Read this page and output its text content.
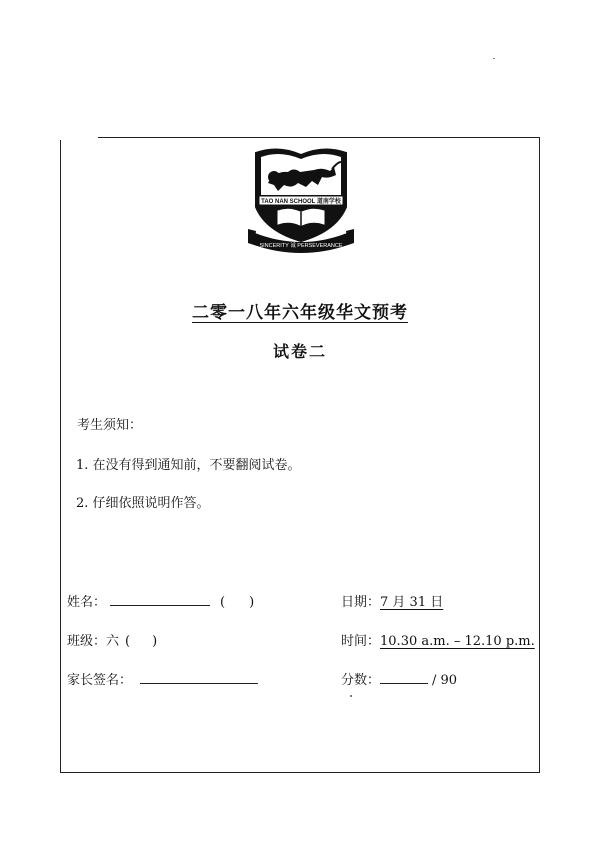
TAO NAN SCHOOL 道南学校
SINCERITY 诚 PERSEVERANCE
二零一八年六年级华文预考
试卷二
考生须知：
1. 在没有得到通知前，不要翻阅试卷。
2. 仔细依照说明作答。
姓名：	( )
班级：六 ( )
家长签名：
日期：7 月 31 日
时间：10.30 a.m. – 12.10 p.m.
分数：	/ 90
